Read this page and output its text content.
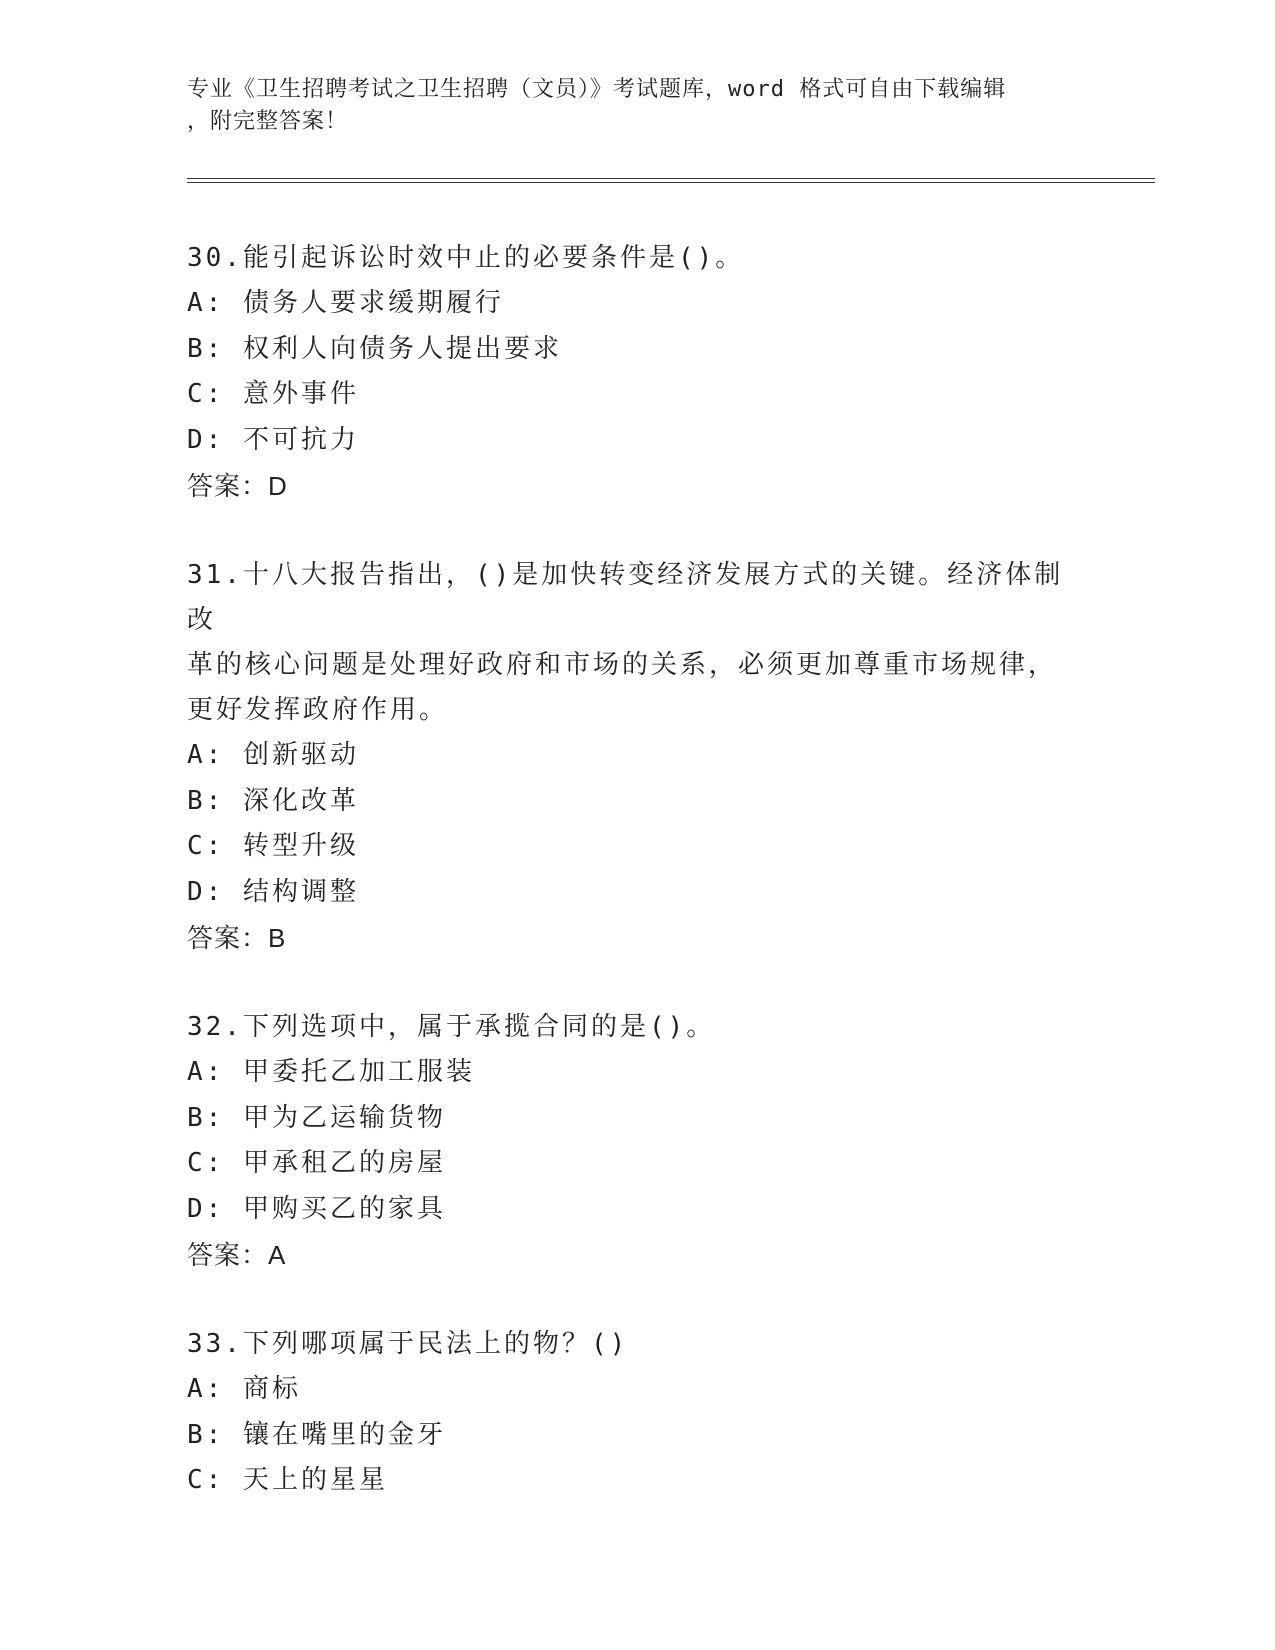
专业《卫生招聘考试之卫生招聘（文员）》考试题库，word 格式可自由下载编辑
，附完整答案！
30.能引起诉讼时效中止的必要条件是()。
A: 债务人要求缓期履行
B: 权利人向债务人提出要求
C: 意外事件
D: 不可抗力
答案：D
31.十八大报告指出，()是加快转变经济发展方式的关键。经济体制改
革的核心问题是处理好政府和市场的关系，必须更加尊重市场规律，
更好发挥政府作用。
A: 创新驱动
B: 深化改革
C: 转型升级
D: 结构调整
答案：B
32.下列选项中，属于承揽合同的是()。
A: 甲委托乙加工服装
B: 甲为乙运输货物
C: 甲承租乙的房屋
D: 甲购买乙的家具
答案：A
33.下列哪项属于民法上的物？()
A: 商标
B: 镶在嘴里的金牙
C: 天上的星星
